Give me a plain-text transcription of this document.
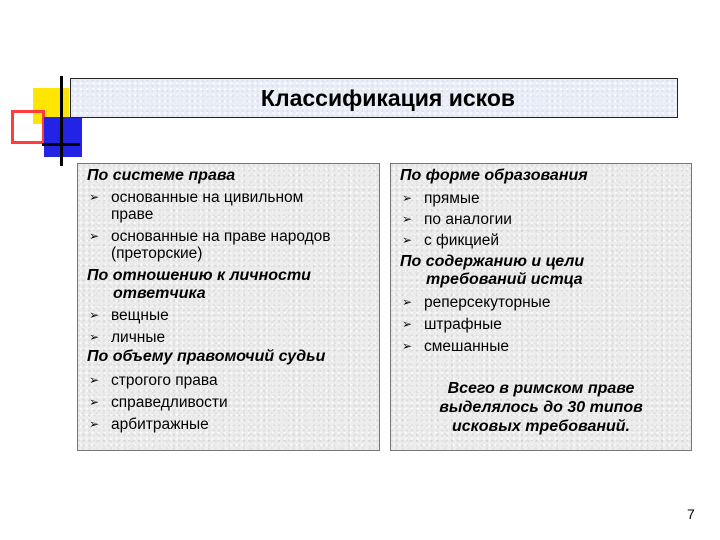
Классификация исков

По системе права

➢ основанные на цивильном
праве
➢ основанные на праве народов
(преторские)

По отношению к личности
ответчика

➢ вещные
➢ личные

По объему правомочий судьи

➢ строгого права
➢ справедливости
➢ арбитражные

По форме образования

➢ прямые
➢ по аналогии
➢ с фикцией

По содержанию и цели
требований истца

➢ реперсекуторные
➢ штрафные
➢ смешанные
Всего в римском праве
выделялось до 30 типов
исковых требований.
7
